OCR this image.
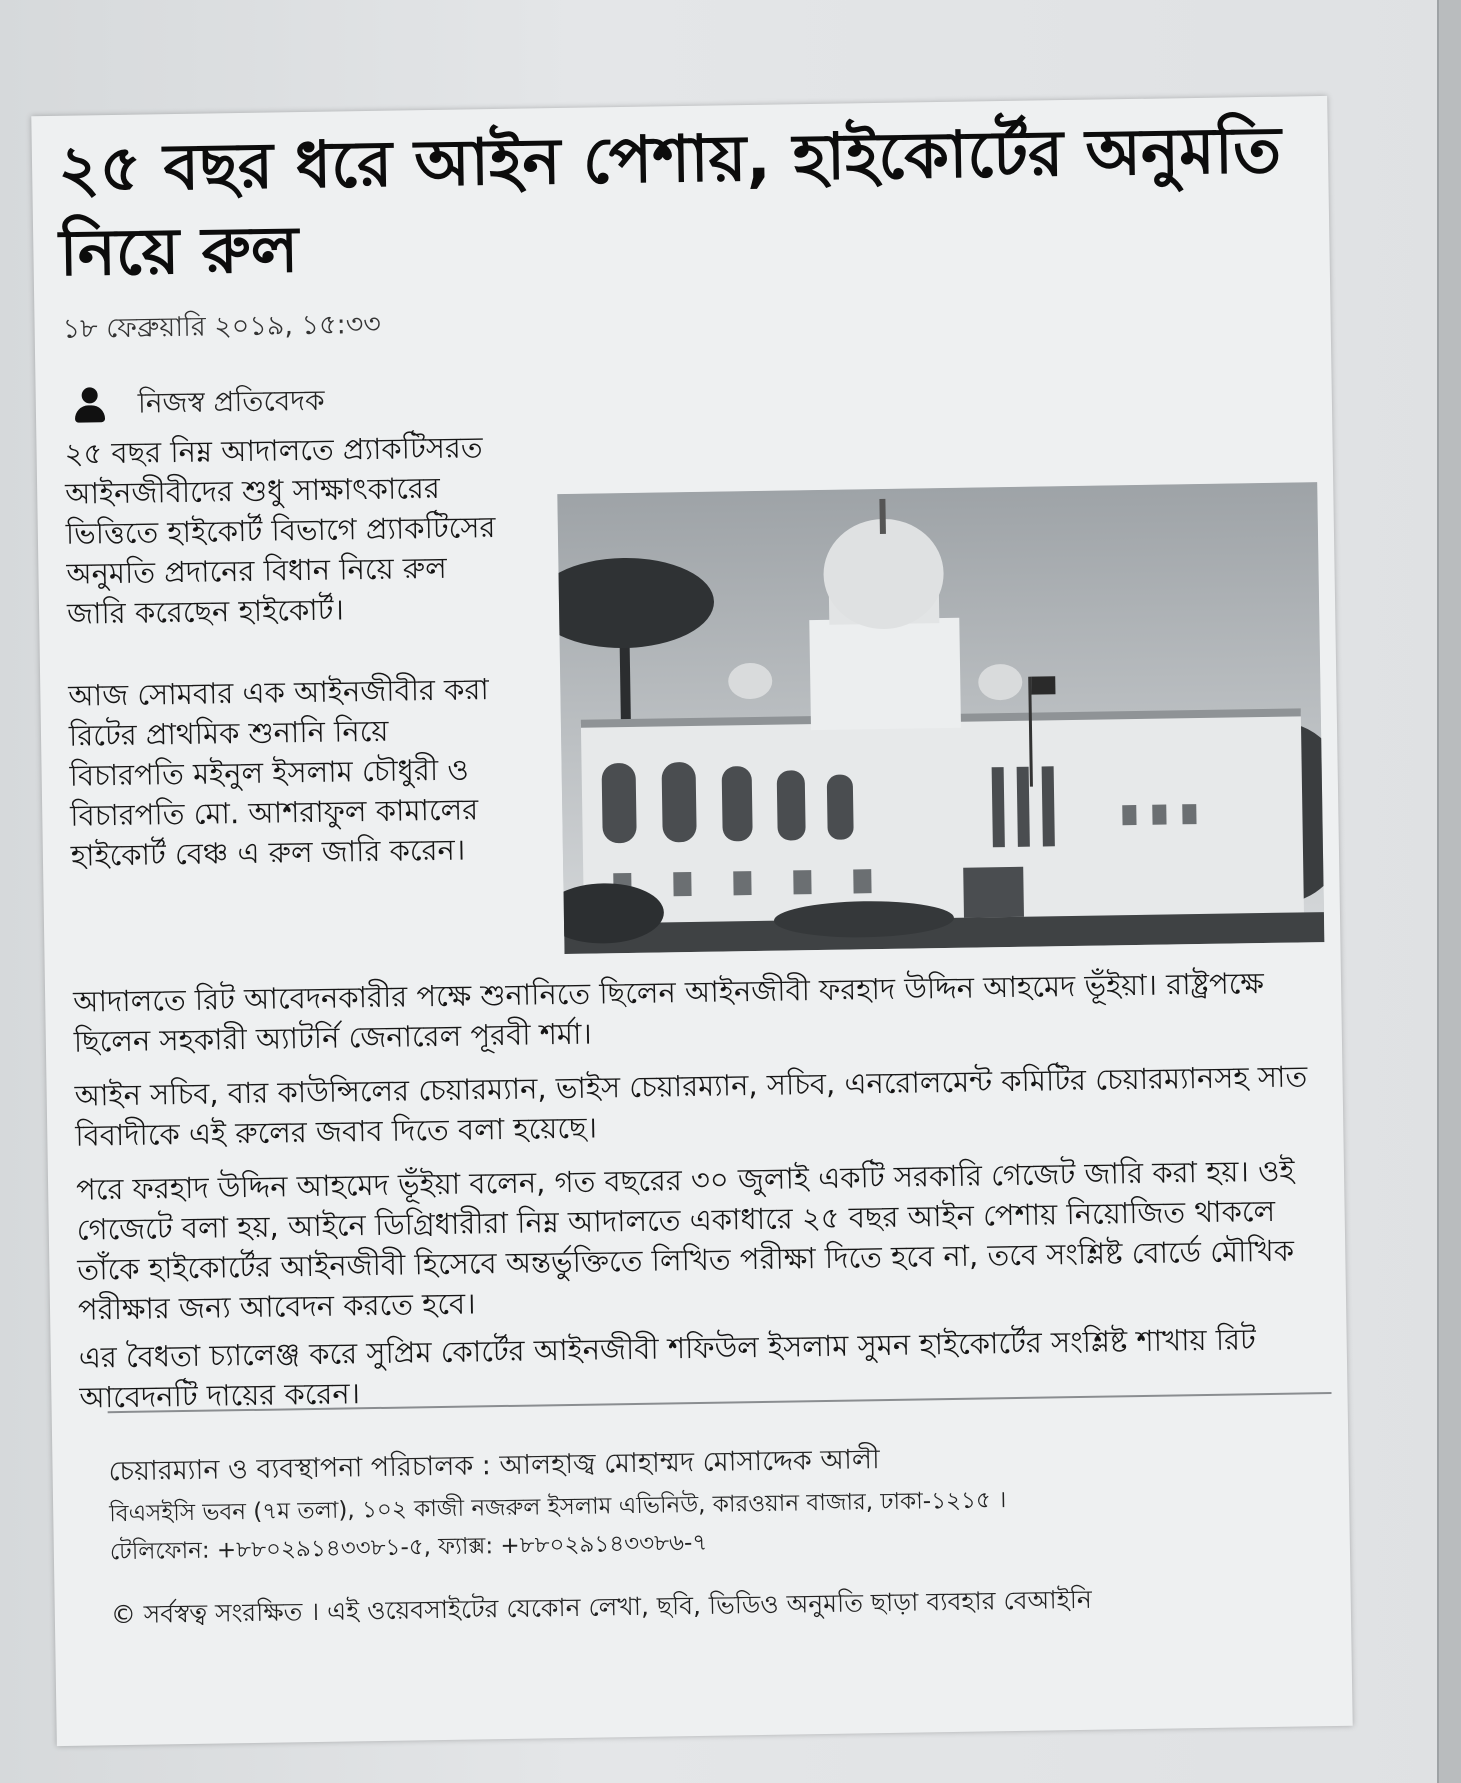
২৫ বছর ধরে আইন পেশায়, হাইকোর্টের অনুমতি নিয়ে রুল
১৮ ফেব্রুয়ারি ২০১৯, ১৫:৩৩
নিজস্ব প্রতিবেদক

২৫ বছর নিম্ন আদালতে প্র্যাকটিসরত আইনজীবীদের শুধু সাক্ষাৎকারের ভিত্তিতে হাইকোর্ট বিভাগে প্র্যাকটিসের অনুমতি প্রদানের বিধান নিয়ে রুল জারি করেছেন হাইকোর্ট।

আজ সোমবার এক আইনজীবীর করা রিটের প্রাথমিক শুনানি নিয়ে বিচারপতি মইনুল ইসলাম চৌধুরী ও বিচারপতি মো. আশরাফুল কামালের হাইকোর্ট বেঞ্চ এ রুল জারি করেন।

আদালতে রিট আবেদনকারীর পক্ষে শুনানিতে ছিলেন আইনজীবী ফরহাদ উদ্দিন আহমেদ ভূঁইয়া। রাষ্ট্রপক্ষে ছিলেন সহকারী অ্যাটর্নি জেনারেল পূরবী শর্মা।

আইন সচিব, বার কাউন্সিলের চেয়ারম্যান, ভাইস চেয়ারম্যান, সচিব, এনরোলমেন্ট কমিটির চেয়ারম্যানসহ সাত বিবাদীকে এই রুলের জবাব দিতে বলা হয়েছে।

পরে ফরহাদ উদ্দিন আহমেদ ভূঁইয়া বলেন, গত বছরের ৩০ জুলাই একটি সরকারি গেজেট জারি করা হয়। ওই গেজেটে বলা হয়, আইনে ডিগ্রিধারীরা নিম্ন আদালতে একাধারে ২৫ বছর আইন পেশায় নিয়োজিত থাকলে তাঁকে হাইকোর্টের আইনজীবী হিসেবে অন্তর্ভুক্তিতে লিখিত পরীক্ষা দিতে হবে না, তবে সংশ্লিষ্ট বোর্ডে মৌখিক পরীক্ষার জন্য আবেদন করতে হবে।

এর বৈধতা চ্যালেঞ্জ করে সুপ্রিম কোর্টের আইনজীবী শফিউল ইসলাম সুমন হাইকোর্টের সংশ্লিষ্ট শাখায় রিট আবেদনটি দায়ের করেন।

চেয়ারম্যান ও ব্যবস্থাপনা পরিচালক : আলহাজ্ব মোহাম্মদ মোসাদ্দেক আলী

বিএসইসি ভবন (৭ম তলা), ১০২ কাজী নজরুল ইসলাম এভিনিউ, কারওয়ান বাজার, ঢাকা-১২১৫ ।

টেলিফোন: +৮৮০২৯১৪৩৩৮১-৫, ফ্যাক্স: +৮৮০২৯১৪৩৩৮৬-৭

© সর্বস্বত্ব সংরক্ষিত । এই ওয়েবসাইটের যেকোন লেখা, ছবি, ভিডিও অনুমতি ছাড়া ব্যবহার বেআইনি
